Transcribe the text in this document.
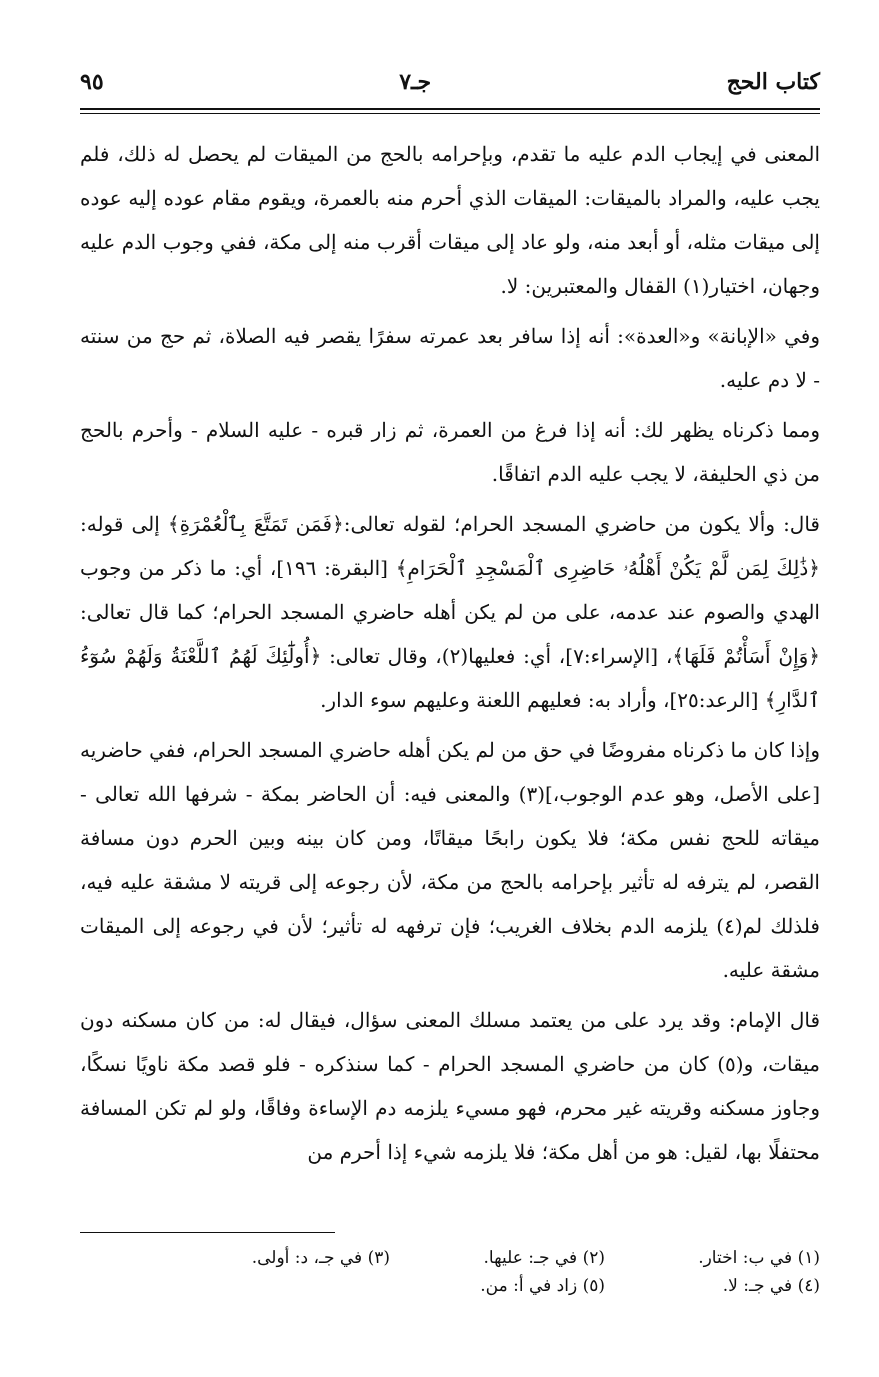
كتاب الحج
جـ٧
٩٥

المعنى في إيجاب الدم عليه ما تقدم، وبإحرامه بالحج من الميقات لم يحصل له ذلك، فلم يجب عليه، والمراد بالميقات: الميقات الذي أحرم منه بالعمرة، ويقوم مقام عوده إليه عوده إلى ميقات مثله، أو أبعد منه، ولو عاد إلى ميقات أقرب منه إلى مكة، ففي وجوب الدم عليه وجهان، اختيار(١) القفال والمعتبرين: لا.

وفي «الإبانة» و«العدة»: أنه إذا سافر بعد عمرته سفرًا يقصر فيه الصلاة، ثم حج من سنته - لا دم عليه.

ومما ذكرناه يظهر لك: أنه إذا فرغ من العمرة، ثم زار قبره - عليه السلام - وأحرم بالحج من ذي الحليفة، لا يجب عليه الدم اتفاقًا.

قال: وألا يكون من حاضري المسجد الحرام؛ لقوله تعالى:﴿فَمَن تَمَتَّعَ بِٱلْعُمْرَةِ﴾ إلى قوله: ﴿ذَٰلِكَ لِمَن لَّمْ يَكُنْ أَهْلُهُۥ حَاضِرِى ٱلْمَسْجِدِ ٱلْحَرَامِ﴾ [البقرة: ١٩٦]، أي: ما ذكر من وجوب الهدي والصوم عند عدمه، على من لم يكن أهله حاضري المسجد الحرام؛ كما قال تعالى: ﴿وَإِنْ أَسَأْتُمْ فَلَهَا﴾، [الإسراء:٧]، أي: فعليها(٢)، وقال تعالى: ﴿أُولَٰٓئِكَ لَهُمُ ٱللَّعْنَةُ وَلَهُمْ سُوٓءُ ٱلدَّارِ﴾ [الرعد:٢٥]، وأراد به: فعليهم اللعنة وعليهم سوء الدار.

وإذا كان ما ذكرناه مفروضًا في حق من لم يكن أهله حاضري المسجد الحرام، ففي حاضريه [على الأصل، وهو عدم الوجوب،](٣) والمعنى فيه: أن الحاضر بمكة - شرفها الله تعالى - ميقاته للحج نفس مكة؛ فلا يكون رابحًا ميقاتًا، ومن كان بينه وبين الحرم دون مسافة القصر، لم يترفه له تأثير بإحرامه بالحج من مكة، لأن رجوعه إلى قريته لا مشقة عليه فيه، فلذلك لم(٤) يلزمه الدم بخلاف الغريب؛ فإن ترفهه له تأثير؛ لأن في رجوعه إلى الميقات مشقة عليه.

قال الإمام: وقد يرد على من يعتمد مسلك المعنى سؤال، فيقال له: من كان مسكنه دون ميقات، و(٥) كان من حاضري المسجد الحرام - كما سنذكره - فلو قصد مكة ناويًا نسكًا، وجاوز مسكنه وقريته غير محرم، فهو مسيء يلزمه دم الإساءة وفاقًا، ولو لم تكن المسافة محتفلًا بها، لقيل: هو من أهل مكة؛ فلا يلزمه شيء إذا أحرم من

(١) في ب: اختار.
(٢) في جـ: عليها.
(٣) في جـ، د: أولى.
(٤) في جـ: لا.
(٥) زاد في أ: من.
